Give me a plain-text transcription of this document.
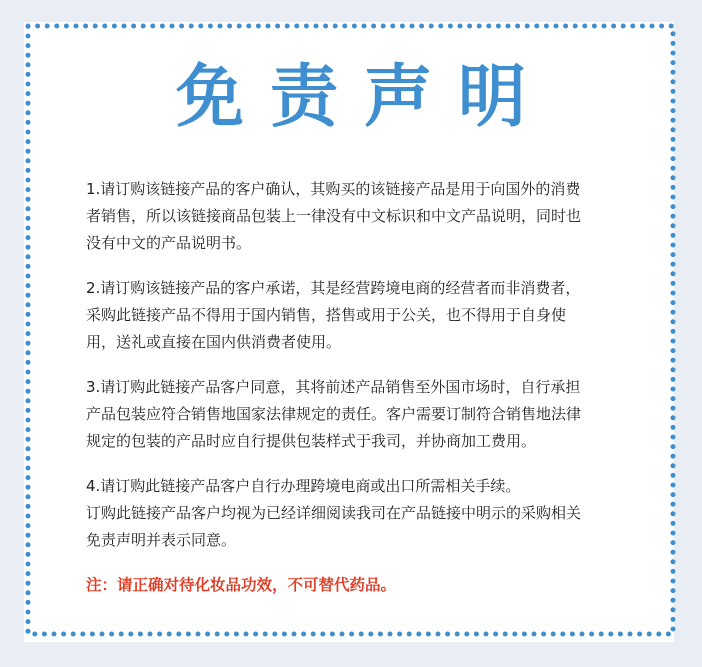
免责声明
1.请订购该链接产品的客户确认，其购买的该链接产品是用于向国外的消费
者销售，所以该链接商品包装上一律没有中文标识和中文产品说明，同时也
没有中文的产品说明书。
2.请订购该链接产品的客户承诺，其是经营跨境电商的经营者而非消费者，
采购此链接产品不得用于国内销售，搭售或用于公关，也不得用于自身使
用，送礼或直接在国内供消费者使用。
3.请订购此链接产品客户同意，其将前述产品销售至外国市场时，自行承担
产品包装应符合销售地国家法律规定的责任。客户需要订制符合销售地法律
规定的包装的产品时应自行提供包装样式于我司，并协商加工费用。
4.请订购此链接产品客户自行办理跨境电商或出口所需相关手续。
订购此链接产品客户均视为已经详细阅读我司在产品链接中明示的采购相关
免责声明并表示同意。
注：请正确对待化妆品功效，不可替代药品。
